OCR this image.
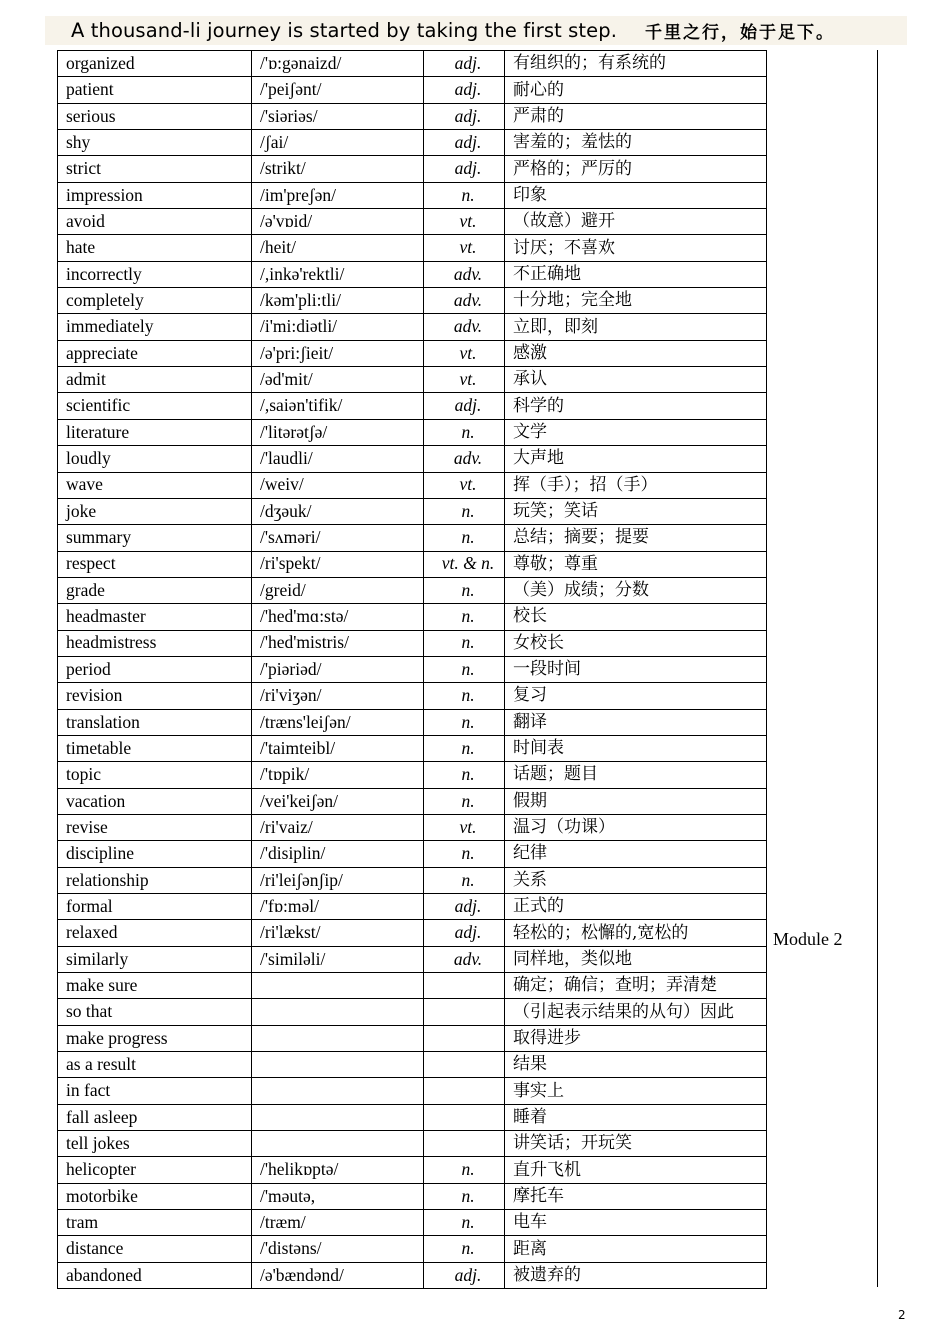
A thousand-li journey is started by taking the first step. 千里之行，始于足下。
organized	/'ɒ:gənaizd/	adj.	有组织的；有系统的
patient	/'peiʃənt/	adj.	耐心的
serious	/'siəriəs/	adj.	严肃的
shy	/ʃai/	adj.	害羞的；羞怯的
strict	/strikt/	adj.	严格的；严厉的
impression	/im'preʃən/	n.	印象
avoid	/ə'vɒid/	vt.	（故意）避开
hate	/heit/	vt.	讨厌；不喜欢
incorrectly	/,inkə'rektli/	adv.	不正确地
completely	/kəm'pli:tli/	adv.	十分地；完全地
immediately	/i'mi:diətli/	adv.	立即，即刻
appreciate	/ə'pri:ʃieit/	vt.	感激
admit	/əd'mit/	vt.	承认
scientific	/,saiən'tifik/	adj.	科学的
literature	/'litərətʃə/	n.	文学
loudly	/'laudli/	adv.	大声地
wave	/weiv/	vt.	挥（手）；招（手）
joke	/dʒəuk/	n.	玩笑；笑话
summary	/'sʌməri/	n.	总结；摘要；提要
respect	/ri'spekt/	vt. & n.	尊敬；尊重
grade	/greid/	n.	（美）成绩；分数
headmaster	/'hed'mɑ:stə/	n.	校长
headmistress	/'hed'mistris/	n.	女校长
period	/'piəriəd/	n.	一段时间
revision	/ri'viʒən/	n.	复习
translation	/træns'leiʃən/	n.	翻译
timetable	/'taimteibl/	n.	时间表
topic	/'tɒpik/	n.	话题；题目
vacation	/vei'keiʃən/	n.	假期
revise	/ri'vaiz/	vt.	温习（功课）
discipline	/'disiplin/	n.	纪律
relationship	/ri'leiʃənʃip/	n.	关系
formal	/'fɒ:məl/	adj.	正式的
relaxed	/ri'lækst/	adj.	轻松的；松懈的,宽松的
similarly	/'similəli/	adv.	同样地，类似地
make sure			确定；确信；查明；弄清楚
so that			（引起表示结果的从句）因此
make progress			取得进步
as a result			结果
in fact			事实上
fall asleep			睡着
tell jokes			讲笑话；开玩笑
helicopter	/'helikɒptə/	n.	直升飞机
motorbike	/'məutə,	n.	摩托车
tram	/træm/	n.	电车
distance	/'distəns/	n.	距离
abandoned	/ə'bændənd/	adj.	被遗弃的
Module 2
2
